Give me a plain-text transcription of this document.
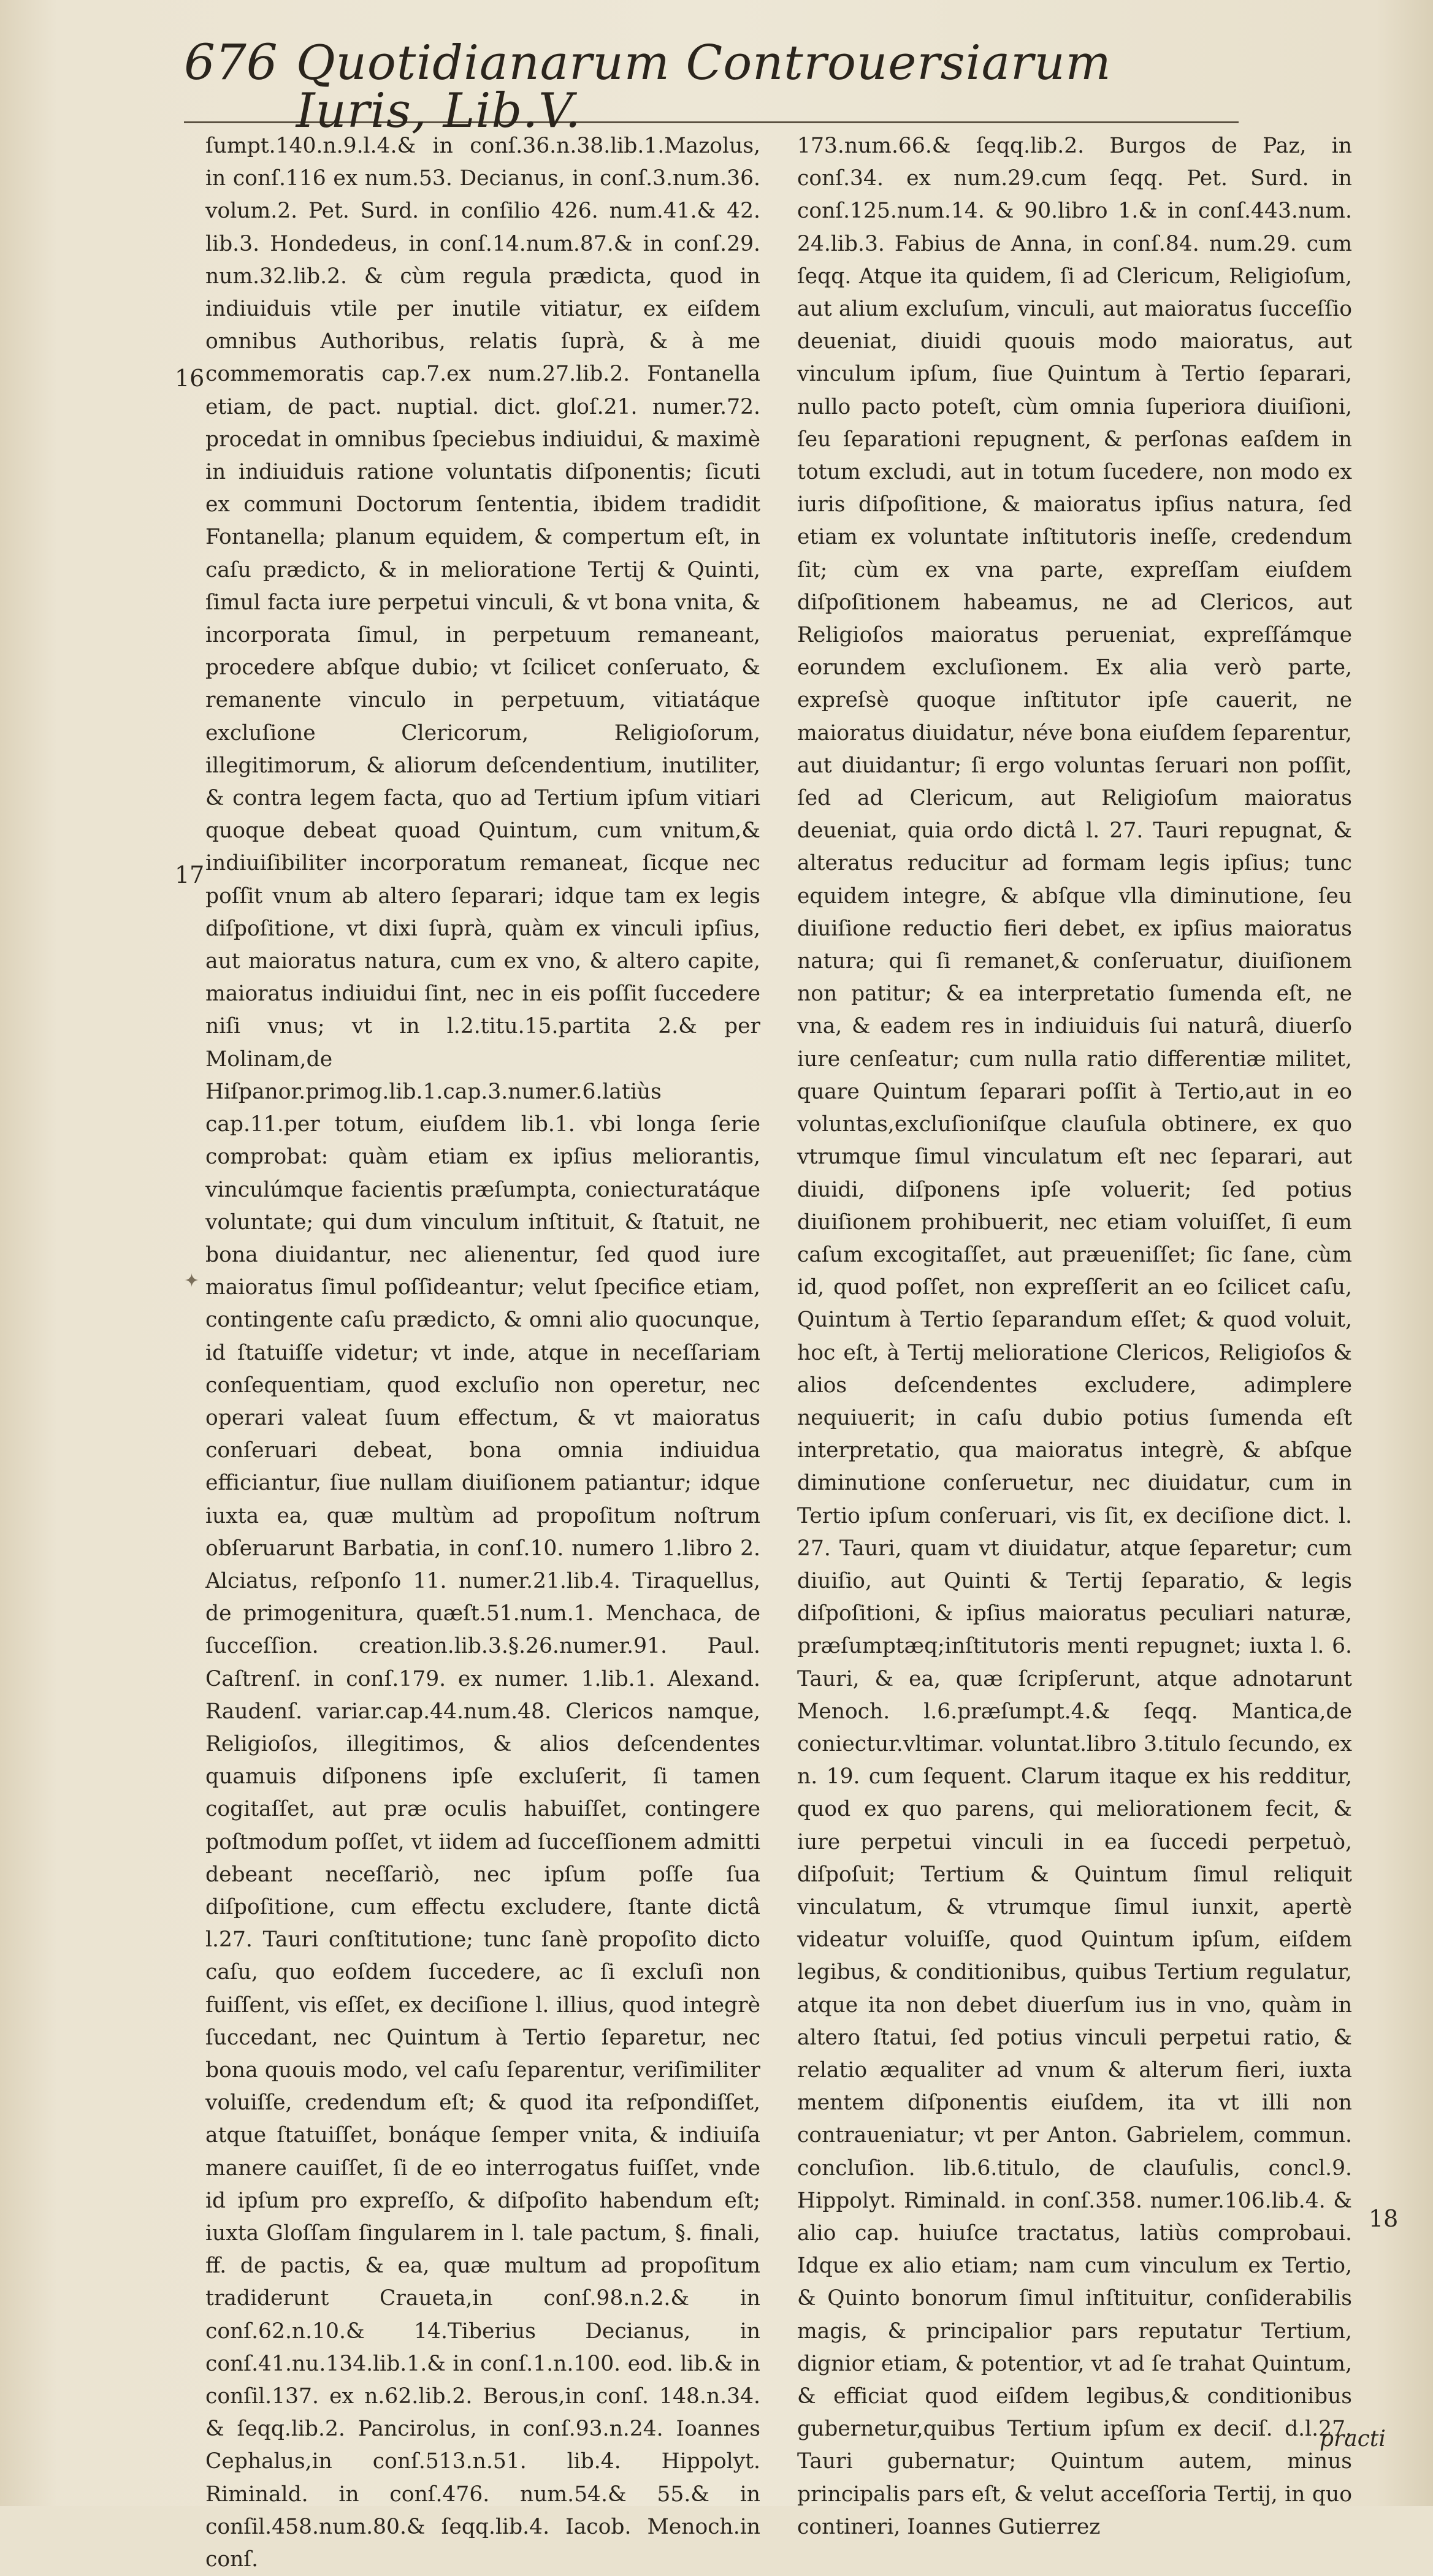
676 Quotidianarum Controuersiarum Iuris, Lib.V.

ſumpt.140.n.9.l.4.& in conſ.36.n.38.lib.1.Mazolus, in conſ.116 ex num.53. Decianus, in conſ.3.num.36. volum.2. Pet. Surd. in conſilio 426. num.41.& 42. lib.3. Hondedeus, in conſ.14.num.87.& in conſ.29. num.32.lib.2. & cùm regula prædicta, quod in indiuiduis vtile per inutile vitiatur, ex eiſdem omnibus Authoribus, relatis ſuprà, & à me commemoratis cap.7.ex num.27.lib.2. Fontanella etiam, de pact. nuptial. dict. gloſ.21. numer.72. procedat in omnibus ſpeciebus indiuidui, & maximè in indiuiduis ratione voluntatis diſponentis; ſicuti ex communi Doctorum ſententia, ibidem tradidit Fontanella; planum equidem, & compertum eſt, in caſu prædicto, & in melioratione Tertij & Quinti, ſimul facta iure perpetui vinculi, & vt bona vnita, & incorporata ſimul, in perpetuum remaneant, procedere abſque dubio; vt ſcilicet conſeruato, & remanente vinculo in perpetuum, vitiatáque excluſione Clericorum, Religioſorum, illegitimorum, & aliorum deſcendentium, inutiliter, & contra legem facta, quo ad Tertium ipſum vitiari quoque debeat quoad Quintum, cum vnitum,& indiuiſibiliter incorporatum remaneat, ſicque nec poſſit vnum ab altero ſeparari; idque tam ex legis diſpoſitione, vt dixi ſuprà, quàm ex vinculi ipſius, aut maioratus natura, cum ex vno, & altero capite, maioratus indiuidui ſint, nec in eis poſſit ſuccedere niſi vnus; vt in l.2.titu.15.partita 2.& per Molinam,de Hiſpanor.primog.lib.1.cap.3.numer.6.latiùs cap.11.per totum, eiuſdem lib.1. vbi longa ſerie comprobat: quàm etiam ex ipſius meliorantis, vinculúmque facientis præſumpta, coniecturatáque voluntate; qui dum vinculum inſtituit, & ſtatuit, ne bona diuidantur, nec alienentur, ſed quod iure maioratus ſimul poſſideantur; velut ſpecifice etiam, contingente caſu prædicto, & omni alio quocunque, id ſtatuiſſe videtur; vt inde, atque in neceſſariam conſequentiam, quod excluſio non operetur, nec operari valeat ſuum effectum, & vt maioratus conſeruari debeat, bona omnia indiuidua efficiantur, ſiue nullam diuiſionem patiantur; idque iuxta ea, quæ multùm ad propoſitum noſtrum obſeruarunt Barbatia, in conſ.10. numero 1.libro 2. Alciatus, reſponſo 11. numer.21.lib.4. Tiraquellus, de primogenitura, quæſt.51.num.1. Menchaca, de ſucceſſion. creation.lib.3.§.26.numer.91. Paul. Caſtrenſ. in conſ.179. ex numer. 1.lib.1. Alexand. Raudenſ. variar.cap.44.num.48. Clericos namque, Religioſos, illegitimos, & alios deſcendentes quamuis diſponens ipſe excluſerit, ſi tamen cogitaſſet, aut præ oculis habuiſſet, contingere poſtmodum poſſet, vt iidem ad ſucceſſionem admitti debeant neceſſariò, nec ipſum poſſe ſua diſpoſitione, cum effectu excludere, ſtante dictâ l.27. Tauri conſtitutione; tunc ſanè propoſito dicto caſu, quo eoſdem ſuccedere, ac ſi excluſi non fuiſſent, vis eſſet, ex deciſione l. illius, quod integrè ſuccedant, nec Quintum à Tertio ſeparetur, nec bona quouis modo, vel caſu ſeparentur, veriſimiliter voluiſſe, credendum eſt; & quod ita reſpondiſſet, atque ſtatuiſſet, bonáque ſemper vnita, & indiuiſa manere cauiſſet, ſi de eo interrogatus fuiſſet, vnde id ipſum pro expreſſo, & diſpoſito habendum eſt; iuxta Gloſſam ſingularem in l. tale pactum, §. finali, ff. de pactis, & ea, quæ multum ad propoſitum tradiderunt Craueta,in conſ.98.n.2.& in conſ.62.n.10.& 14.Tiberius Decianus, in conſ.41.nu.134.lib.1.& in conſ.1.n.100. eod. lib.& in conſil.137. ex n.62.lib.2. Berous,in conſ. 148.n.34. & ſeqq.lib.2. Pancirolus, in conſ.93.n.24. Ioannes Cephalus,in conſ.513.n.51. lib.4. Hippolyt. Riminald. in conſ.476. num.54.& 55.& in conſil.458.num.80.& ſeqq.lib.4. Iacob. Menoch.in conſ.

173.num.66.& ſeqq.lib.2. Burgos de Paz, in conſ.34. ex num.29.cum ſeqq. Pet. Surd. in conſ.125.num.14. & 90.libro 1.& in conſ.443.num. 24.lib.3. Fabius de Anna, in conſ.84. num.29. cum ſeqq. Atque ita quidem, ſi ad Clericum, Religioſum, aut alium excluſum, vinculi, aut maioratus ſucceſſio deueniat, diuidi quouis modo maioratus, aut vinculum ipſum, ſiue Quintum à Tertio ſeparari, nullo pacto poteſt, cùm omnia ſuperiora diuiſioni, ſeu ſeparationi repugnent, & perſonas eaſdem in totum excludi, aut in totum ſucedere, non modo ex iuris diſpoſitione, & maioratus ipſius natura, ſed etiam ex voluntate inſtitutoris ineſſe, credendum ſit; cùm ex vna parte, expreſſam eiuſdem diſpoſitionem habeamus, ne ad Clericos, aut Religioſos maioratus perueniat, expreſſámque eorundem excluſionem. Ex alia verò parte, expreſsè quoque inſtitutor ipſe cauerit, ne maioratus diuidatur, néve bona eiuſdem ſeparentur, aut diuidantur; ſi ergo voluntas ſeruari non poſſit, ſed ad Clericum, aut Religioſum maioratus deueniat, quia ordo dictâ l. 27. Tauri repugnat, & alteratus reducitur ad formam legis ipſius; tunc equidem integre, & abſque vlla diminutione, ſeu diuiſione reductio fieri debet, ex ipſius maioratus natura; qui ſi remanet,& conſeruatur, diuiſionem non patitur; & ea interpretatio ſumenda eſt, ne vna, & eadem res in indiuiduis ſui naturâ, diuerſo iure cenſeatur; cum nulla ratio differentiæ militet, quare Quintum ſeparari poſſit à Tertio,aut in eo voluntas,excluſioniſque clauſula obtinere, ex quo vtrumque ſimul vinculatum eſt nec ſeparari, aut diuidi, diſponens ipſe voluerit; ſed potius diuiſionem prohibuerit, nec etiam voluiſſet, ſi eum caſum excogitaſſet, aut præueniſſet; ſic ſane, cùm id, quod poſſet, non expreſſerit an eo ſcilicet caſu, Quintum à Tertio ſeparandum eſſet; & quod voluit, hoc eſt, à Tertij melioratione Clericos, Religioſos & alios deſcendentes excludere, adimplere nequiuerit; in caſu dubio potius ſumenda eſt interpretatio, qua maioratus integrè, & abſque diminutione conſeruetur, nec diuidatur, cum in Tertio ipſum conſeruari, vis ſit, ex deciſione dict. l. 27. Tauri, quam vt diuidatur, atque ſeparetur; cum diuiſio, aut Quinti & Tertij ſeparatio, & legis diſpoſitioni, & ipſius maioratus peculiari naturæ, præſumptæq;inſtitutoris menti repugnet; iuxta l. 6. Tauri, & ea, quæ ſcripſerunt, atque adnotarunt Menoch. l.6.præſumpt.4.& ſeqq. Mantica,de coniectur.vltimar. voluntat.libro 3.titulo ſecundo, ex n. 19. cum ſequent. Clarum itaque ex his redditur, quod ex quo parens, qui meliorationem fecit, & iure perpetui vinculi in ea ſuccedi perpetuò, diſpoſuit; Tertium & Quintum ſimul reliquit vinculatum, & vtrumque ſimul iunxit, apertè videatur voluiſſe, quod Quintum ipſum, eiſdem legibus, & conditionibus, quibus Tertium regulatur, atque ita non debet diuerſum ius in vno, quàm in altero ſtatui, ſed potius vinculi perpetui ratio, & relatio æqualiter ad vnum & alterum fieri, iuxta mentem diſponentis eiuſdem, ita vt illi non contraueniatur; vt per Anton. Gabrielem, commun. concluſion. lib.6.titulo, de clauſulis, concl.9. Hippolyt. Riminald. in conſ.358. numer.106.lib.4. & alio cap. huiuſce tractatus, latiùs comprobaui. Idque ex alio etiam; nam cum vinculum ex Tertio, & Quinto bonorum ſimul inſtituitur, conſiderabilis magis, & principalior pars reputatur Tertium, dignior etiam, & potentior, vt ad ſe trahat Quintum, & efficiat quod eiſdem legibus,& conditionibus gubernetur,quibus Tertium ipſum ex deciſ. d.l.27. Tauri gubernatur; Quintum autem, minus principalis pars eſt, & velut acceſſoria Tertij, in quo contineri, Ioannes Gutierrez

16
17
18
✦
practi
